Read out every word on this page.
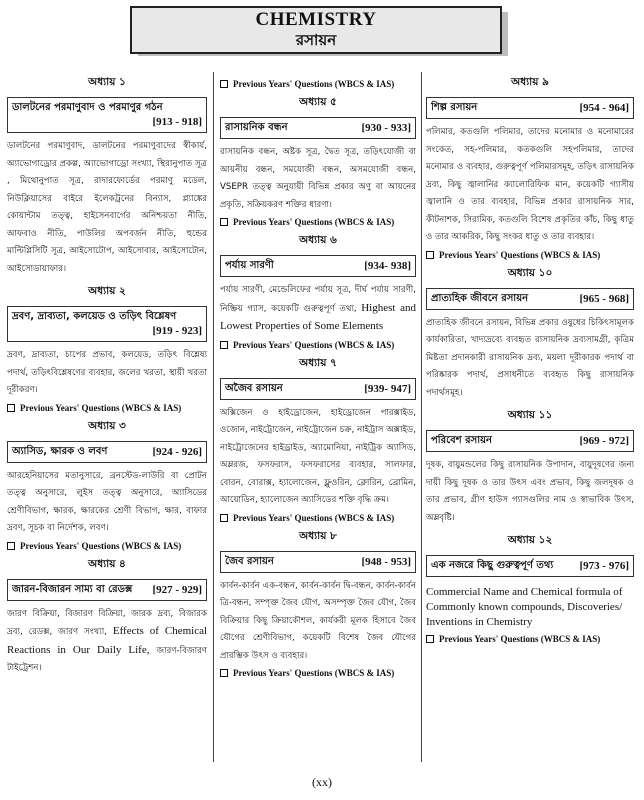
CHEMISTRY
রসায়ন
অধ্যায় ১
ডালটনের পরমাণুবাদ ও পরমাণুর গঠন
[913 - 918]

ডালটনের পরমাণুবাদ, ডালটনের পরমাণুবাদের স্বীকার্য, অ্যাভোগাড্রোর প্রকল্প, অ্যাভোগাড্রো সংখ্যা, স্থিরানুপাত সূত্র , মিথোনুপাত সূত্র, রাদারফোর্ডের পরমাণু মডেল, নিউক্লিয়াসের বাইরে ইলেকট্রনের বিন্যাস, প্ল্যাঙ্কের কোয়ান্টাম তত্ত্ব, হাইসেনবার্গের অনিশ্চয়তা নীতি, আফবাও নীতি, পাউলির অপবর্জন নীতি, হুন্ডের মাল্টিপ্লিসিটি সূত্র, আইসোটোপ, আইসোবার, আইসোটোন, আইসোডায়াফার।

অধ্যায় ২
দ্রবণ, দ্রাব্যতা, কলয়েড ও তড়িৎ বিশ্লেষণ
[919 - 923]

দ্রবণ, দ্রাব্যতা, চাপের প্রভাব, কলয়েড, তড়িৎ বিশ্লেষ্য পদার্থ, তড়িৎবিশ্লেষণের ব্যবহার, জলের খরতা, স্থায়ী খরতা দূরীকরণ।

Previous Years' Questions (WBCS & IAS)
অধ্যায় ৩
অ্যাসিড, ক্ষারক ও লবণ	[924 - 926]

আরহেনিয়াসের মতানুসারে, ব্রনস্টেড-লাউরি বা প্রোটন তত্ত্ব অনুসারে, লুইস তত্ত্ব অনুসারে, অ্যাসিডের শ্রেণীবিভাগ, ক্ষারক, ক্ষারকের শ্রেণী বিভাগ, ক্ষার, বাফার দ্রবণ, সূচক বা নির্দেশক, লবণ।

Previous Years' Questions (WBCS & IAS)
অধ্যায় ৪
জারন-বিজারন সাম্য বা রেডক্স [927 - 929]

জারণ বিক্রিয়া, বিজারণ বিক্রিয়া, জারক দ্রব্য, বিজারক দ্রব্য, রেডক্স, জারণ সংখ্যা, Effects of Chemical Reactions in Our Daily Life, জারণ-বিজারণ টাইট্রেশন।

Previous Years' Questions (WBCS & IAS)
অধ্যায় ৫
রাসায়নিক বন্ধন	[930 - 933]

রাসায়নিক বন্ধন, অষ্টক সূত্র, দ্বৈত সূত্র, তড়িৎযোজী বা আয়নীয় বন্ধন, সমযোজী বন্ধন, অসমযোজী বন্ধন, VSEPR তত্ত্ব অনুযায়ী বিভিন্ন প্রকার অণু বা আয়নের প্রকৃতি, সক্রিয়করণ শক্তির ধারণা।

Previous Years' Questions (WBCS & IAS)
অধ্যায় ৬
পর্যায় সারণী	[934- 938]

পর্যায় সারণী, মেন্ডেলিফের পর্যায় সূত্র, দীর্ঘ পর্যায় সারণী, নিষ্ক্রিয় গ্যাস, কয়েকটি গুরুত্বপূর্ণ তথ্য, Highest and Lowest Properties of Some Elements

Previous Years' Questions (WBCS & IAS)
অধ্যায় ৭
অজৈব রসায়ন	[939- 947]

অক্সিজেন ও হাইড্রোজেন, হাইড্রোজেন পারক্সাইড, ওজোন, নাইট্রোজেন, নাইট্রোজেন চক্র, নাইট্রাস অক্সাইড, নাইট্রোজেনের হাইড্রাইড, অ্যামোনিয়া, নাইট্রিক অ্যাসিড, অম্লরজ, ফসফরাস, ফসফরাসের ব্যবহার, সালফার, বোরন, বোরাক্স, হ্যালোজেন, ফ্লুওরিন, ক্লোরিন, ব্রোমিন, আয়োডিন, হ্যালোজেন অ্যাসিডের শক্তি বৃদ্ধি ক্রম।

Previous Years' Questions (WBCS & IAS)
অধ্যায় ৮
জৈব রসায়ন	[948 - 953]

কার্বন-কার্বন এক-বন্ধন, কার্বন-কার্বন দ্বি-বন্ধন, কার্বন-কার্বন ত্রি-বন্ধন, সম্পৃক্ত জৈব যৌগ, অসম্পৃক্ত জৈব যৌগ, জৈব বিক্রিয়ার কিছু ক্রিয়াকৌশল, কার্যকরী মূলক হিসাবে জৈব যৌগের শ্রেণীবিভাগ, কয়েকটি বিশেষ জৈব যৌগের প্রারম্ভিক উৎস ও ব্যবহার।

Previous Years' Questions (WBCS & IAS)
অধ্যায় ৯
শিল্প রসায়ন	[954 - 964]

পলিমার, কতগুলি পলিমার, তাদের মনোমার ও মনোমারের সংকেত, সহ-পলিমার, কতকগুলি সহপলিমার, তাদের মনোমার ও ব্যবহার, গুরুত্বপূর্ণ পলিমারসমূহ, তড়িৎ রাসায়নিক দ্রব্য, কিছু জ্বালানির ক্যালোরিফিক মান, কয়েকটি গ্যাসীয় জ্বালানি ও তার ব্যবহার, বিভিন্ন প্রকার রাসায়নিক সার, কীটনাশক, সিরামিক, কতগুলি বিশেষ প্রকৃতির কাঁচ, কিছু ধাতু ও তার আকরিক, কিছু সংকর ধাতু ও তার ব্যবহার।

Previous Years' Questions (WBCS & IAS)
অধ্যায় ১০
প্রাত্যহিক জীবনে রসায়ন	[965 - 968]

প্রাত্যহিক জীবনে রসায়ন, বিভিন্ন প্রকার ওষুধের চিকিৎসামূলক কার্যকারিতা, খাদ্যদ্রব্যে ব্যবহৃত রাসায়নিক দ্রব্যসামগ্রী, কৃত্রিম মিষ্টতা প্রদানকারী রাসায়নিক দ্রব্য, ময়লা দূরীকারক পদার্থ বা পরিষ্কারক পদার্থ, প্রসাধনীতে ব্যবহৃত কিছু রাসায়নিক পদার্থসমূহ।

অধ্যায় ১১
পরিবেশ রসায়ন	[969 - 972]

দূষক, বায়ুমন্ডলের কিছু রাসায়নিক উপাদান, বায়ুদূষণের জন্য দায়ী কিছু দূষক ও তার উৎস এবং প্রভাব, কিছু জলদূষক ও তার প্রভাব, গ্রীণ হাউস গ্যাসগুলির নাম ও স্বাভাবিক উৎস, অম্লবৃষ্টি।

অধ্যায় ১২
এক নজরে কিছু গুরুত্বপূর্ণ তথ্য [973 - 976]

Commercial Name and Chemical formula of Commonly known compounds, Discoveries/ Inventions in Chemistry

Previous Years' Questions (WBCS & IAS)
(xx)
